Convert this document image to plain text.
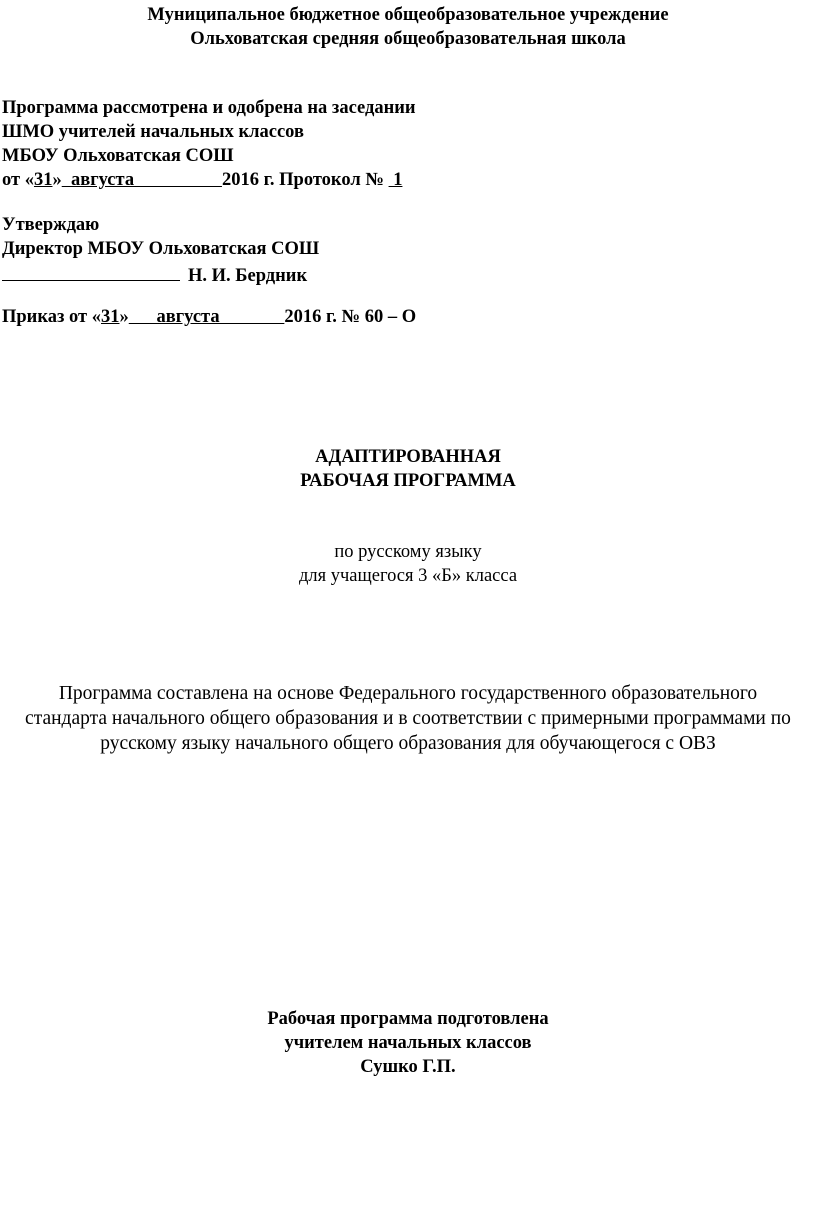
Муниципальное бюджетное общеобразовательное учреждение
Ольховатская средняя общеобразовательная школа
Программа рассмотрена и одобрена на заседании
ШМО учителей начальных классов
МБОУ Ольховатская СОШ
от «31»  августа                   2016 г. Протокол №  1
Утверждаю
Директор МБОУ Ольховатская СОШ
Н. И. Бердник
Приказ от «31»      августа              2016 г. № 60 – О
АДАПТИРОВАННАЯ
РАБОЧАЯ ПРОГРАММА
по русскому языку
для учащегося 3 «Б» класса
Программа составлена на основе Федерального государственного образовательного
стандарта начального общего образования и в соответствии с примерными программами по
русскому языку начального общего образования для обучающегося с ОВЗ
Рабочая программа подготовлена
учителем начальных классов
Сушко Г.П.
